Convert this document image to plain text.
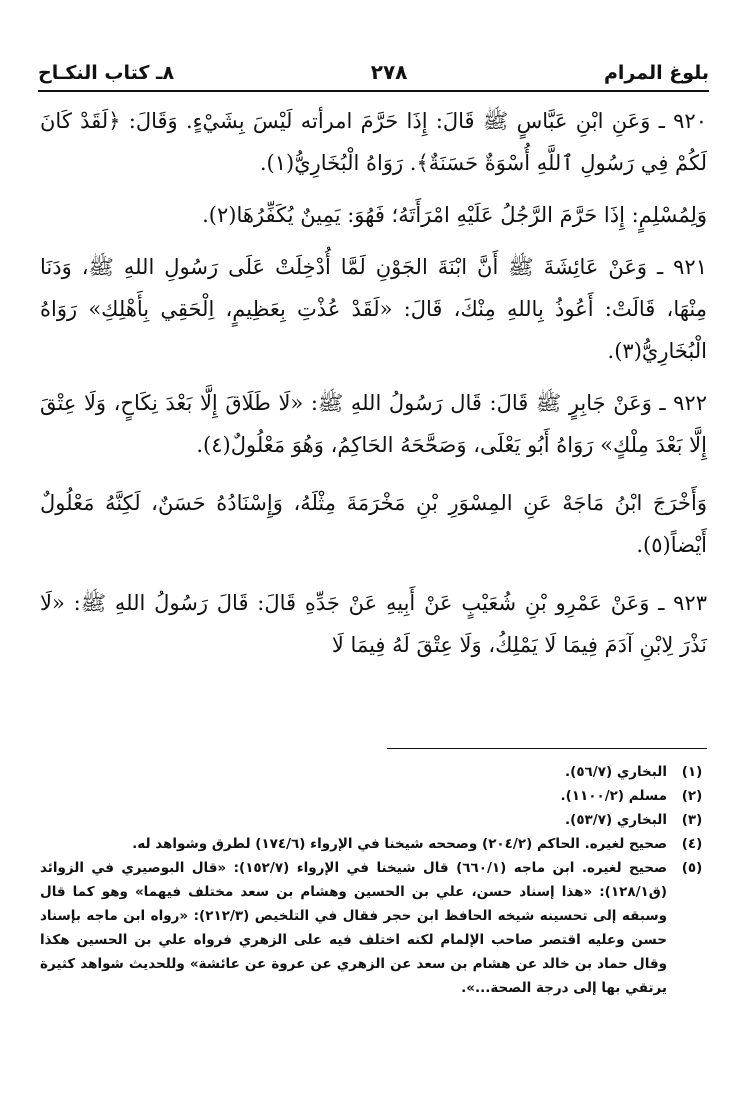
بلوغ المرام
٢٧٨
٨ـ كتاب النكـاح

٩٢٠ ـ وَعَنِ ابْنِ عَبَّاسٍ ﷺ قَالَ: إِذَا حَرَّمَ امرأته لَيْسَ بِشَيْءٍ. وَقَالَ: ﴿لَقَدْ كَانَ لَكُمْ فِي رَسُولِ ٱللَّهِ أُسْوَةٌ حَسَنَةٌ﴾. رَوَاهُ الْبُخَارِيُّ(١).

وَلِمُسْلِمٍ: إِذَا حَرَّمَ الرَّجُلُ عَلَيْهِ امْرَأَتَهُ؛ فَهُوَ: يَمِينٌ يُكَفِّرُهَا(٢).

٩٢١ ـ وَعَنْ عَائِشَةَ ﷺ أَنَّ ابْنَةَ الجَوْنِ لَمَّا أُدْخِلَتْ عَلَى رَسُولِ اللهِ ﷺ، وَدَنَا مِنْهَا، قَالَتْ: أَعُوذُ بِاللهِ مِنْكَ، قَالَ: «لَقَدْ عُذْتِ بِعَظِيمٍ، اِلْحَقِي بِأَهْلِكِ» رَوَاهُ الْبُخَارِيُّ(٣).

٩٢٢ ـ وَعَنْ جَابِرٍ ﷺ قَالَ: قَال رَسُولُ اللهِ ﷺ: «لَا طَلَاقَ إِلَّا بَعْدَ نِكَاحٍ، وَلَا عِتْقَ إِلَّا بَعْدَ مِلْكٍ» رَوَاهُ أَبُو يَعْلَى، وَصَحَّحَهُ الحَاكِمُ، وَهُوَ مَعْلُولٌ(٤).

وَأَخْرَجَ ابْنُ مَاجَهْ عَنِ المِسْوَرِ بْنِ مَخْرَمَةَ مِثْلَهُ، وَإِسْنَادُهُ حَسَنٌ، لَكِنَّهُ مَعْلُولٌ أَيْضاً(٥).

٩٢٣ ـ وَعَنْ عَمْرِو بْنِ شُعَيْبٍ عَنْ أَبِيهِ عَنْ جَدِّهِ قَالَ: قَالَ رَسُولُ اللهِ ﷺ: «لَا نَذْرَ لِابْنِ آدَمَ فِيمَا لَا يَمْلِكُ، وَلَا عِتْقَ لَهُ فِيمَا لَا

(١)
البخاري (٥٦/٧).
(٢)
مسلم (١١٠٠/٢).
(٣)
البخاري (٥٣/٧).
(٤)
صحيح لغيره. الحاكم (٢٠٤/٢) وصححه شيخنا في الإرواء (١٧٤/٦) لطرق وشواهد له.
(٥)
صحيح لغيره. ابن ماجه (٦٦٠/١) قال شيخنا في الإرواء (١٥٢/٧): «قال البوصيري في الزوائد (ق١٢٨/١): «هذا إسناد حسن، علي بن الحسين وهشام بن سعد مختلف فيهما» وهو كما قال وسبقه إلى تحسينه شيخه الحافظ ابن حجر فقال في التلخيص (٢١٢/٣): «رواه ابن ماجه بإسناد حسن وعليه اقتصر صاحب الإلمام لكنه اختلف فيه على الزهري فرواه علي بن الحسين هكذا وقال حماد بن خالد عن هشام بن سعد عن الزهري عن عروة عن عائشة» وللحديث شواهد كثيرة يرتقي بها إلى درجة الصحة...».
